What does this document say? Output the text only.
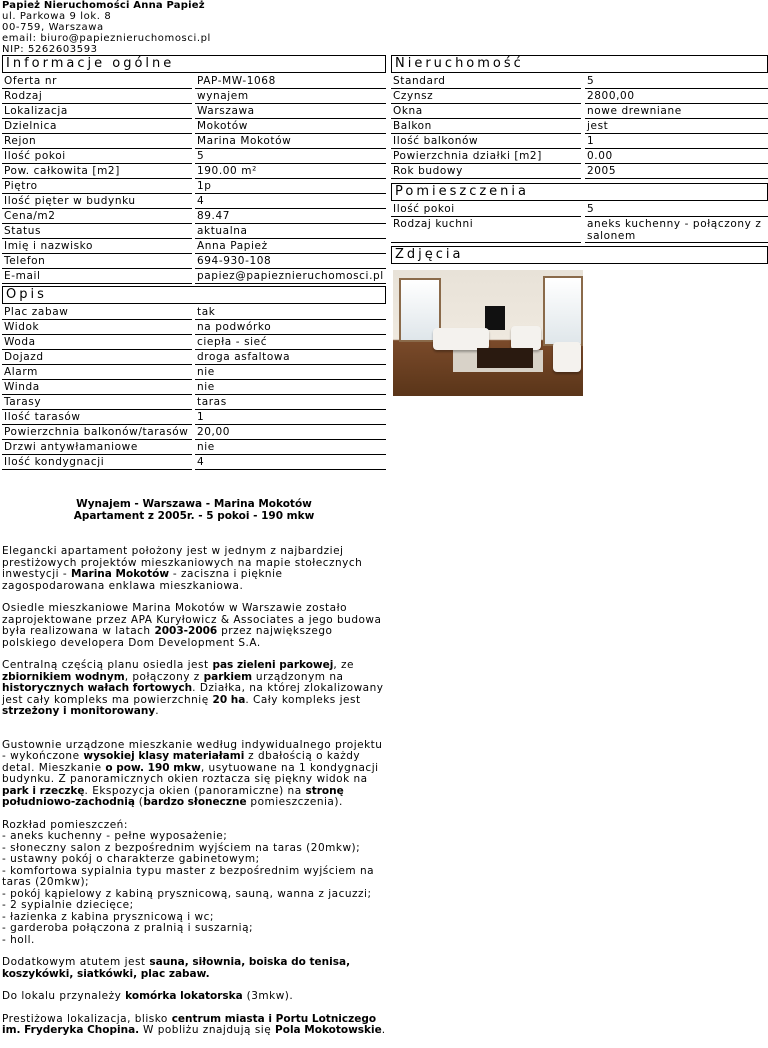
Papież Nieruchomości Anna Papież
ul. Parkowa 9 lok. 8
00-759, Warszawa
email: biuro@papieznieruchomosci.pl
NIP: 5262603593
Informacje ogólne
Oferta nr	PAP-MW-1068
Rodzaj	wynajem
Lokalizacja	Warszawa
Dzielnica	Mokotów
Rejon	Marina Mokotów
Ilość pokoi	5
Pow. całkowita [m2]	190.00 m²
Piętro	1p
Ilość pięter w budynku	4
Cena/m2	89.47
Status	aktualna
Imię i nazwisko	Anna Papież
Telefon	694-930-108
E-mail	papiez@papieznieruchomosci.pl
Opis
Plac zabaw	tak
Widok	na podwórko
Woda	ciepła - sieć
Dojazd	droga asfaltowa
Alarm	nie
Winda	nie
Tarasy	taras
Ilość tarasów	1
Powierzchnia balkonów/tarasów 20,00
Drzwi antywłamaniowe	nie
Ilość kondygnacji	4
Nieruchomość
Standard	5
Czynsz	2800,00
Okna	nowe drewniane
Balkon	jest
Ilość balkonów	1
Powierzchnia działki [m2]	0.00
Rok budowy	2005
Pomieszczenia
Ilość pokoi	5
Rodzaj kuchni	aneks kuchenny - połączony z salonem
Zdjęcia
Wynajem - Warszawa - Marina Mokotów
Apartament z 2005r. - 5 pokoi - 190 mkw

Elegancki apartament położony jest w jednym z najbardziej prestiżowych projektów mieszkaniowych na mapie stołecznych inwestycji - Marina Mokotów - zaciszna i pięknie zagospodarowana enklawa mieszkaniowa.

Osiedle mieszkaniowe Marina Mokotów w Warszawie zostało zaprojektowane przez APA Kuryłowicz & Associates a jego budowa była realizowana w latach 2003-2006 przez największego polskiego developera Dom Development S.A.

Centralną częścią planu osiedla jest pas zieleni parkowej, ze zbiornikiem wodnym, połączony z parkiem urządzonym na historycznych wałach fortowych. Działka, na której zlokalizowany jest cały kompleks ma powierzchnię 20 ha. Cały kompleks jest strzeżony i monitorowany.

Gustownie urządzone mieszkanie według indywidualnego projektu - wykończone wysokiej klasy materiałami z dbałością o każdy detal. Mieszkanie o pow. 190 mkw, usytuowane na 1 kondygnacji budynku. Z panoramicznych okien roztacza się piękny widok na park i rzeczkę. Ekspozycja okien (panoramiczne) na stronę południowo-zachodnią (bardzo słoneczne pomieszczenia).

Rozkład pomieszczeń:
- aneks kuchenny - pełne wyposażenie;
- słoneczny salon z bezpośrednim wyjściem na taras (20mkw);
- ustawny pokój o charakterze gabinetowym;
- komfortowa sypialnia typu master z bezpośrednim wyjściem na taras (20mkw);
- pokój kąpielowy z kabiną prysznicową, sauną, wanna z jacuzzi;
- 2 sypialnie dziecięce;
- łazienka z kabina prysznicową i wc;
- garderoba połączona z pralnią i suszarnią;
- holl.

Dodatkowym atutem jest sauna, siłownia, boiska do tenisa, koszykówki, siatkówki, plac zabaw.

Do lokalu przynależy komórka lokatorska (3mkw).

Prestiżowa lokalizacja, blisko centrum miasta i Portu Lotniczego im. Fryderyka Chopina. W pobliżu znajdują się Pola Mokotowskie.
